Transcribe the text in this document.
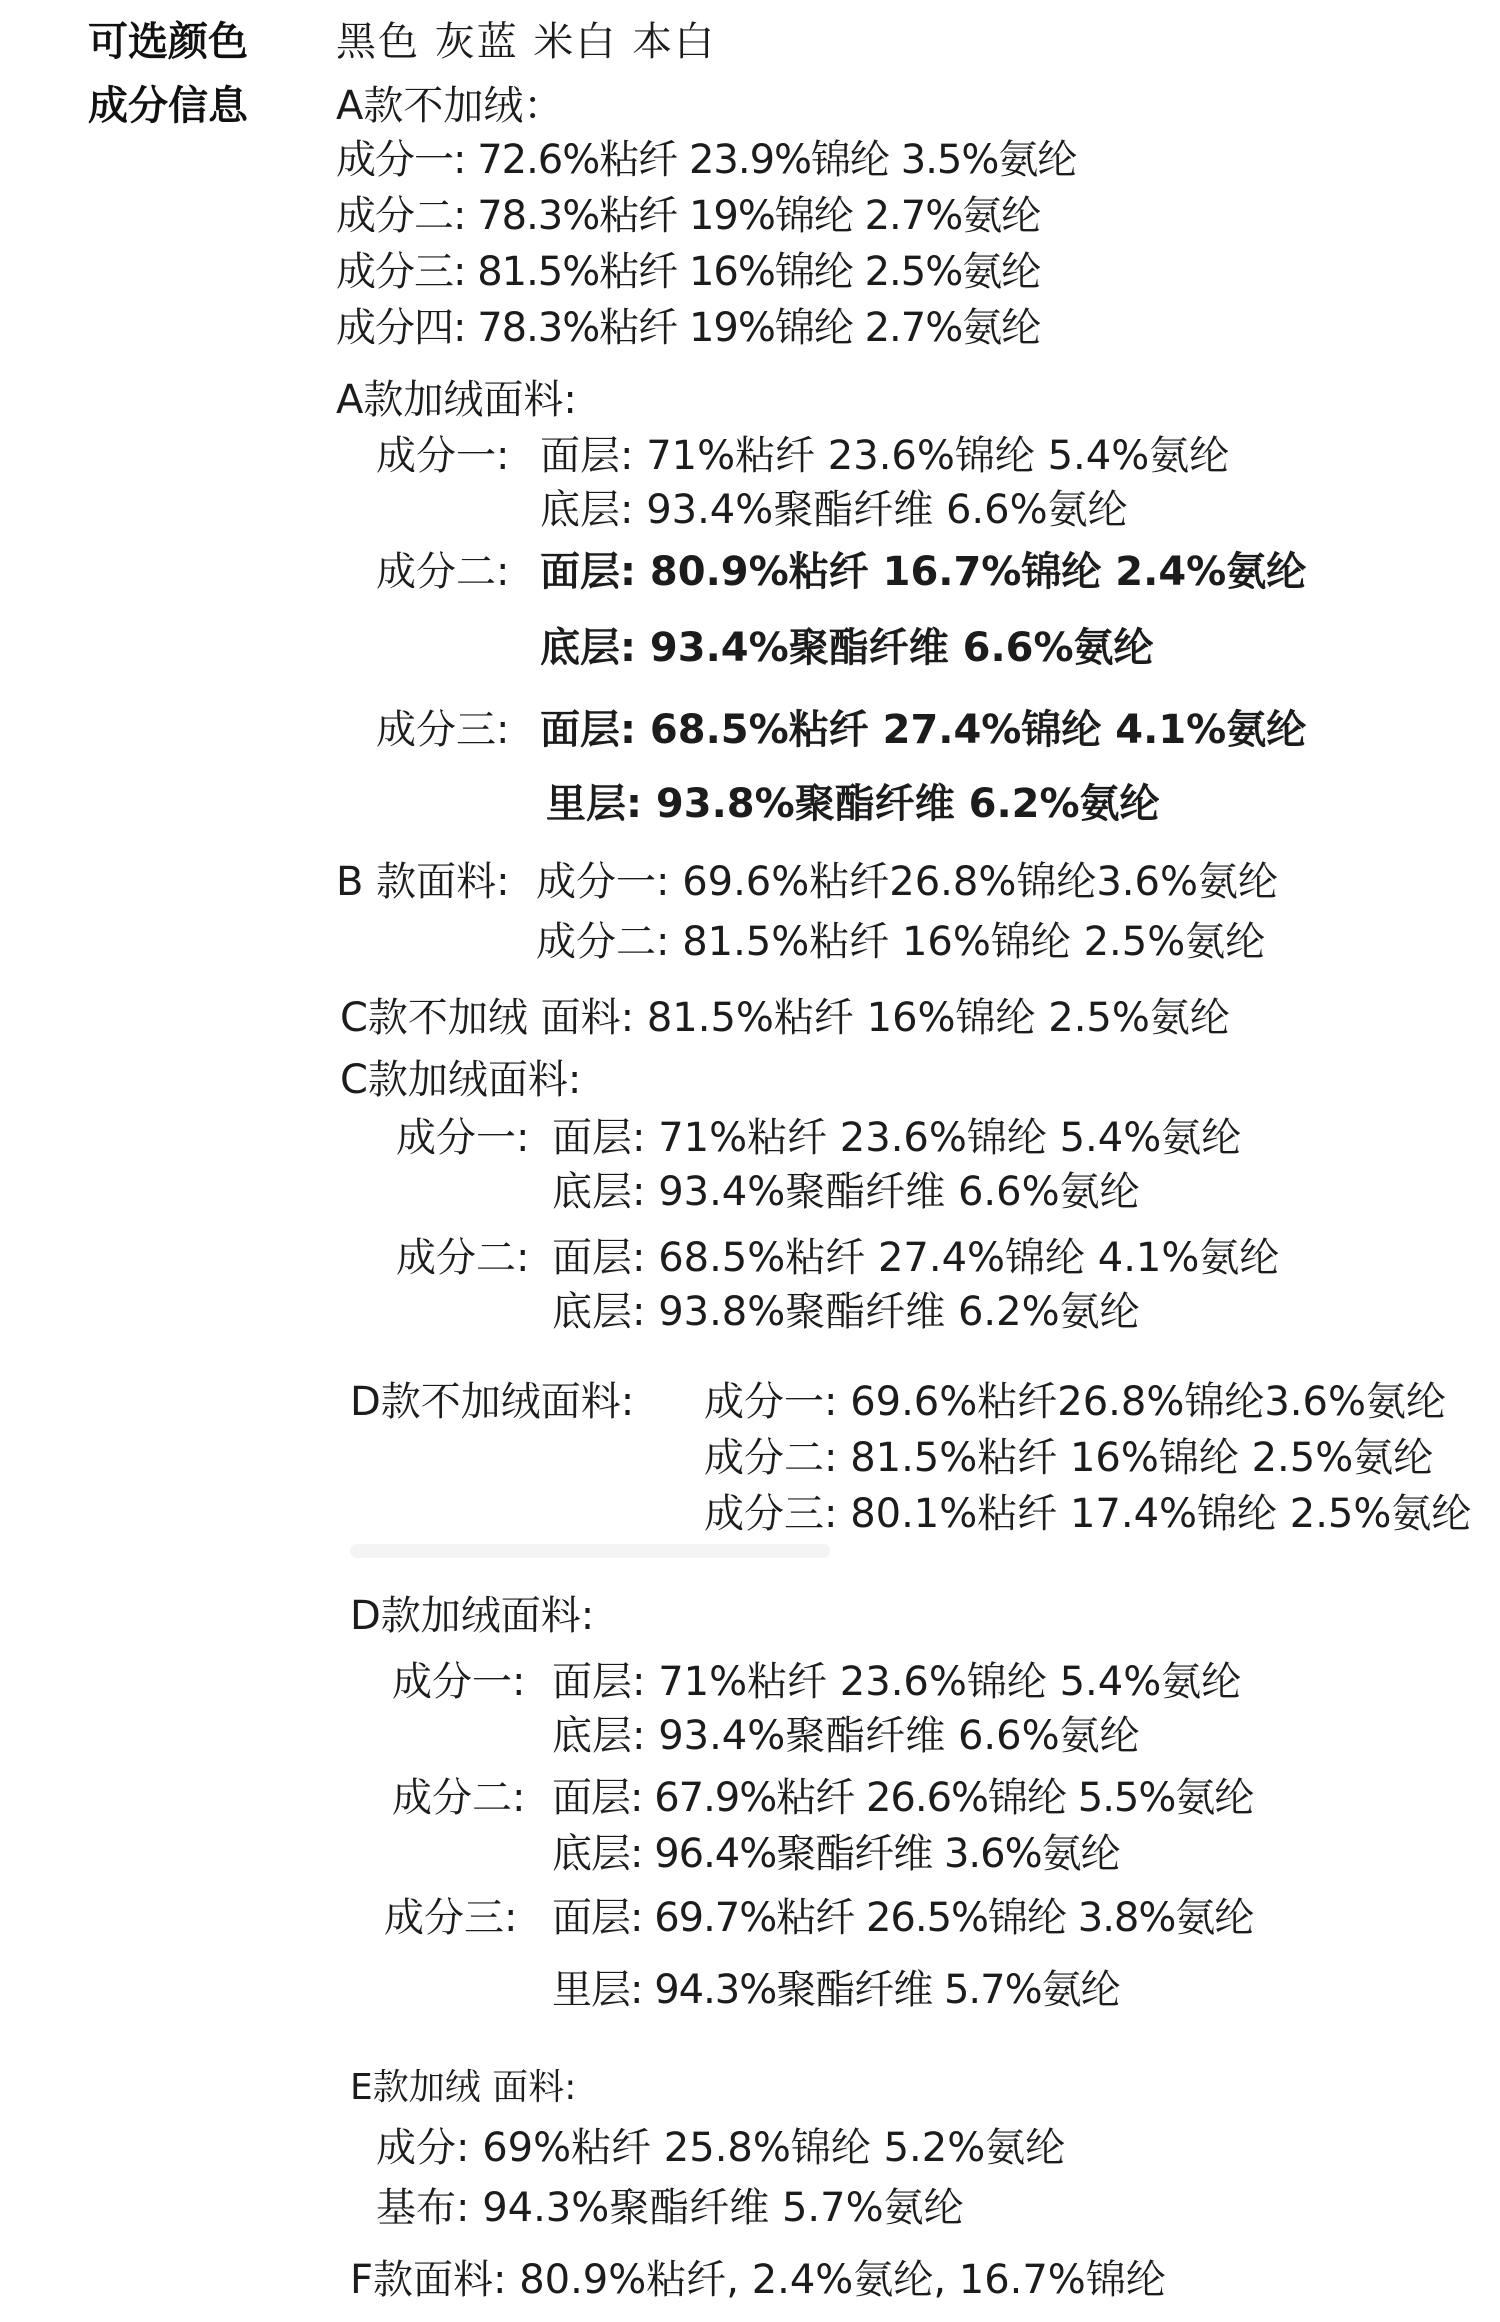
可选颜色 黑色 灰蓝 米白 本白
成分信息 A款不加绒：
成分一: 72.6%粘纤 23.9%锦纶 3.5%氨纶
成分二: 78.3%粘纤 19%锦纶 2.7%氨纶
成分三: 81.5%粘纤 16%锦纶 2.5%氨纶
成分四: 78.3%粘纤 19%锦纶 2.7%氨纶
A款加绒面料:
成分一: 面层: 71%粘纤 23.6%锦纶 5.4%氨纶
底层: 93.4%聚酯纤维 6.6%氨纶
成分二: 面层: 80.9%粘纤 16.7%锦纶 2.4%氨纶
底层: 93.4%聚酯纤维 6.6%氨纶
成分三: 面层: 68.5%粘纤 27.4%锦纶 4.1%氨纶
里层: 93.8%聚酯纤维 6.2%氨纶
B 款面料: 成分一: 69.6%粘纤26.8%锦纶3.6%氨纶
成分二: 81.5%粘纤 16%锦纶 2.5%氨纶
C款不加绒 面料: 81.5%粘纤 16%锦纶 2.5%氨纶
C款加绒面料:
成分一: 面层: 71%粘纤 23.6%锦纶 5.4%氨纶
底层: 93.4%聚酯纤维 6.6%氨纶
成分二: 面层: 68.5%粘纤 27.4%锦纶 4.1%氨纶
底层: 93.8%聚酯纤维 6.2%氨纶
D款不加绒面料: 成分一: 69.6%粘纤26.8%锦纶3.6%氨纶
成分二: 81.5%粘纤 16%锦纶 2.5%氨纶
成分三: 80.1%粘纤 17.4%锦纶 2.5%氨纶
D款加绒面料:
成分一: 面层: 71%粘纤 23.6%锦纶 5.4%氨纶
底层: 93.4%聚酯纤维 6.6%氨纶
成分二: 面层: 67.9%粘纤 26.6%锦纶 5.5%氨纶
底层: 96.4%聚酯纤维 3.6%氨纶
成分三: 面层: 69.7%粘纤 26.5%锦纶 3.8%氨纶
里层: 94.3%聚酯纤维 5.7%氨纶
E款加绒 面料:
成分: 69%粘纤 25.8%锦纶 5.2%氨纶
基布: 94.3%聚酯纤维 5.7%氨纶
F款面料: 80.9%粘纤, 2.4%氨纶, 16.7%锦纶
